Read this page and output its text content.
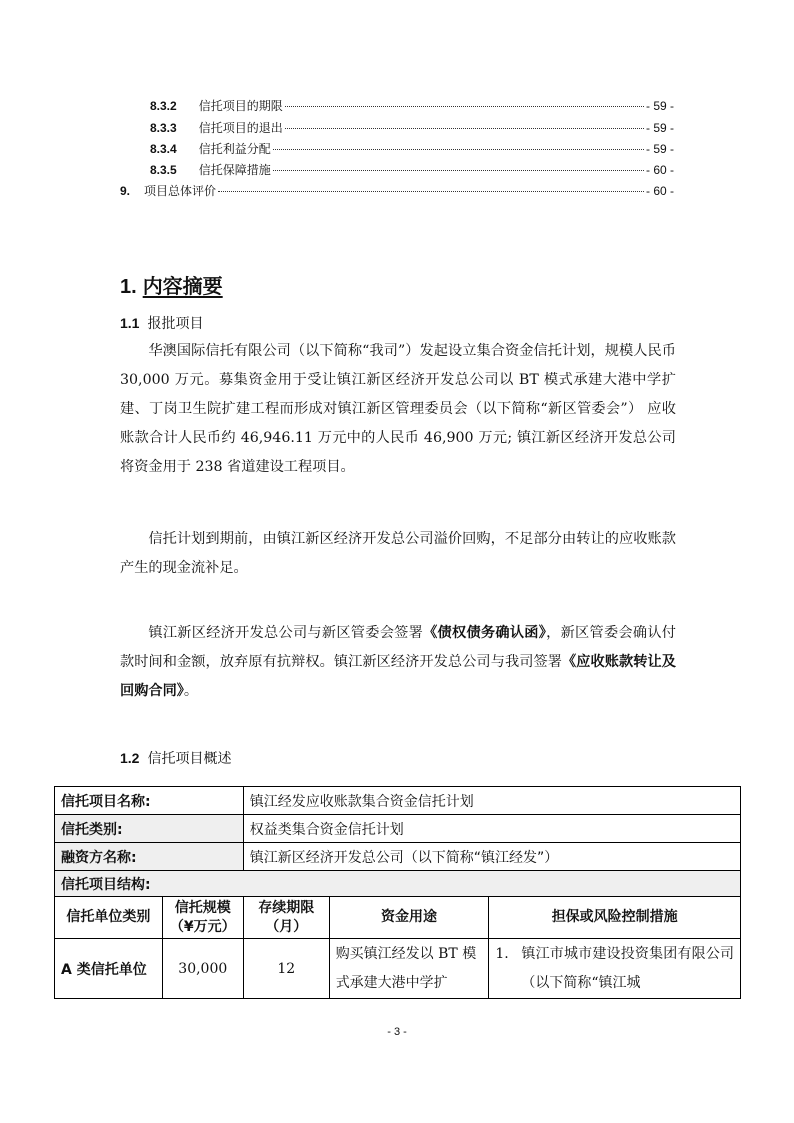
8.3.2 信托项目的期限	- 59 -
8.3.3 信托项目的退出	- 59 -
8.3.4 信托利益分配	- 59 -
8.3.5 信托保障措施	- 60 -
9. 项目总体评价	- 60 -
1. 内容摘要
1.1 报批项目

华澳国际信托有限公司（以下简称“我司”）发起设立集合资金信托计划，规模人民币 30,000 万元。募集资金用于受让镇江新区经济开发总公司以 BT 模式承建大港中学扩建、丁岗卫生院扩建工程而形成对镇江新区管理委员会（以下简称“新区管委会”） 应收账款合计人民币约 46,946.11 万元中的人民币 46,900 万元; 镇江新区经济开发总公司将资金用于 238 省道建设工程项目。

信托计划到期前，由镇江新区经济开发总公司溢价回购，不足部分由转让的应收账款产生的现金流补足。

镇江新区经济开发总公司与新区管委会签署《债权债务确认函》，新区管委会确认付款时间和金额，放弃原有抗辩权。镇江新区经济开发总公司与我司签署《应收账款转让及回购合同》。

1.2 信托项目概述
信托项目名称:		镇江经发应收账款集合资金信托计划		
信托类别:		权益类集合资金信托计划		
融资方名称:		镇江新区经济开发总公司（以下简称“镇江经发”）		
信托项目结构:				
信托单位类别	信托规模（¥万元）	存续期限（月）	资金用途	担保或风险控制措施
A 类信托单位	30,000	12	购买镇江经发以 BT 模式承建大港中学扩	1. 镇江市城市建设投资集团有限公司（以下简称“镇江城
- 3 -
